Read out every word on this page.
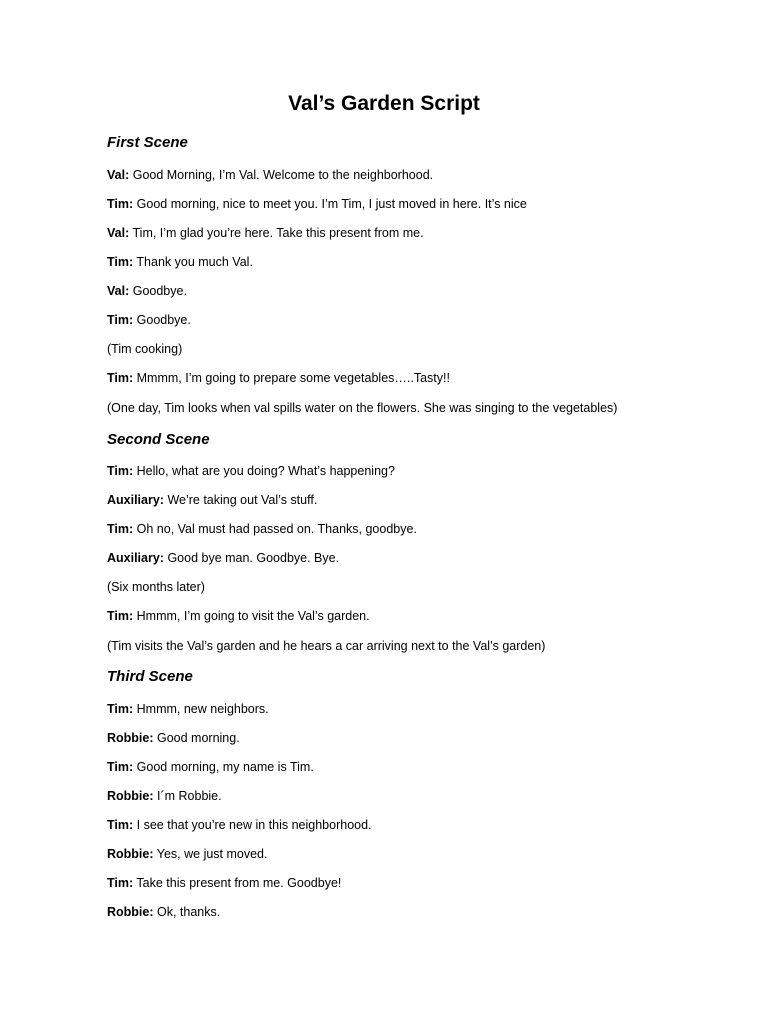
Val’s Garden Script
First Scene
Val: Good Morning, I’m Val. Welcome to the neighborhood.
Tim: Good morning, nice to meet you. I’m Tim, I just moved in here. It’s nice
Val: Tim, I’m glad you’re here. Take this present from me.
Tim: Thank you much Val.
Val: Goodbye.
Tim: Goodbye.
(Tim cooking)
Tim: Mmmm, I’m going to prepare some vegetables…..Tasty!!
(One day, Tim looks when val spills water on the flowers. She was singing to the vegetables)
Second Scene
Tim: Hello, what are you doing? What’s happening?
Auxiliary: We’re taking out Val’s stuff.
Tim: Oh no, Val must had passed on. Thanks, goodbye.
Auxiliary: Good bye man. Goodbye. Bye.
(Six months later)
Tim: Hmmm, I’m going to visit the Val’s garden.
(Tim visits the Val’s garden and he hears a car arriving next to the Val’s garden)
Third Scene
Tim: Hmmm, new neighbors.
Robbie: Good morning.
Tim: Good morning, my name is Tim.
Robbie: I´m Robbie.
Tim: I see that you’re new in this neighborhood.
Robbie: Yes, we just moved.
Tim: Take this present from me. Goodbye!
Robbie: Ok, thanks.
